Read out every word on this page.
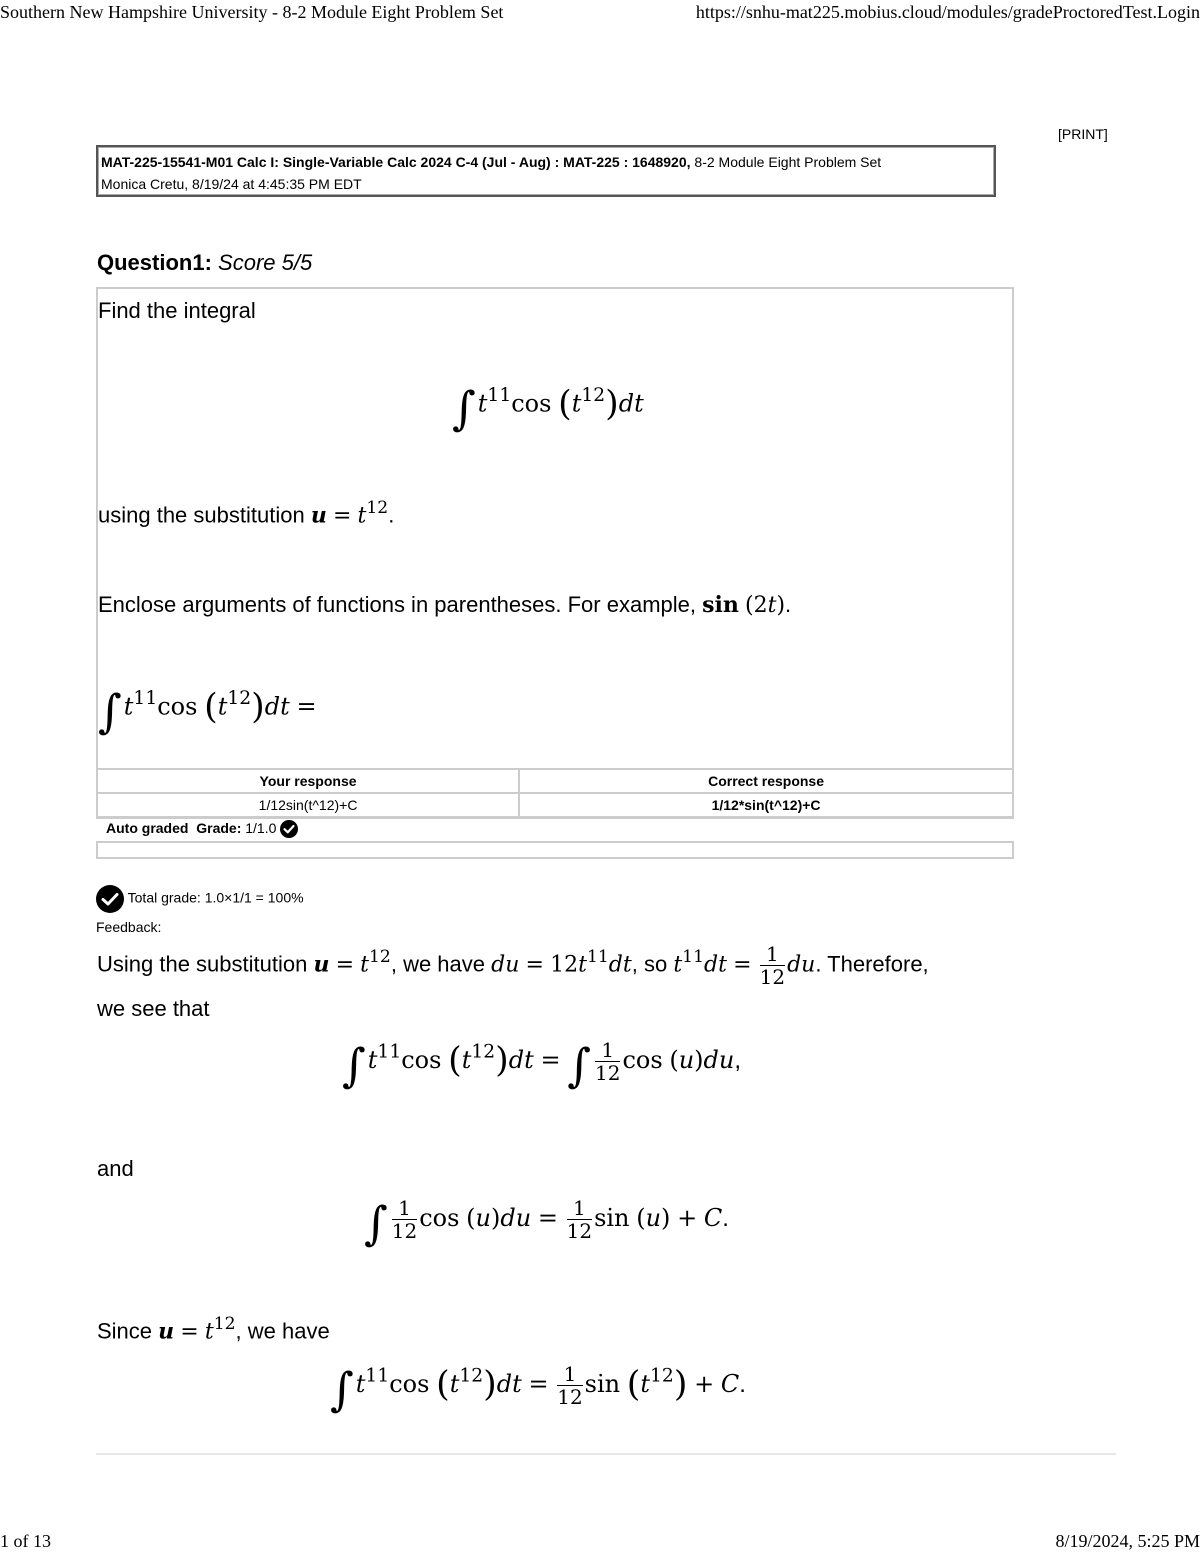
Southern New Hampshire University - 8-2 Module Eight Problem Set	https://snhu-mat225.mobius.cloud/modules/gradeProctoredTest.Login
[PRINT]
MAT-225-15541-M01 Calc I: Single-Variable Calc 2024 C-4 (Jul - Aug) : MAT-225 : 1648920, 8-2 Module Eight Problem Set
Monica Cretu, 8/19/24 at 4:45:35 PM EDT
Question1: Score 5/5
Find the integral
$\int t^{11}\cos$ $(t^{12})dt$
using the substitution $u = t^{12}$.
Enclose arguments of functions in parentheses. For example, sin (2t).
$\int t^{11}\cos$ $(t^{12})dt$ =
Your response	Correct response
1/12sin(t^12)+C	1/12*sin(t^12)+C
Auto graded Grade: 1/1.0
Total grade: 1.0×1/1 = 100%
Feedback:
Using the substitution $u = t^{12}$, we have du = $12t^{11}dt$, so $t^{11}dt = \frac{1}{12}$ du. Therefore,
we see that
$\int t^{11}\cos$ $(t^{12})dt$ = ∫ $\frac{1}{12}$ cos (u)du,
and
∫ $\frac{1}{12}$ $\cos (u)du = \frac{1}{12}$ sin (u) + C.
Since $u = t^{12}$, we have
$\int t^{11}\cos$ $(t^{12})dt = \frac{1}{12}$ $\sin (t^{12}) + C$.
1 of 13	8/19/2024, 5:25 PM
